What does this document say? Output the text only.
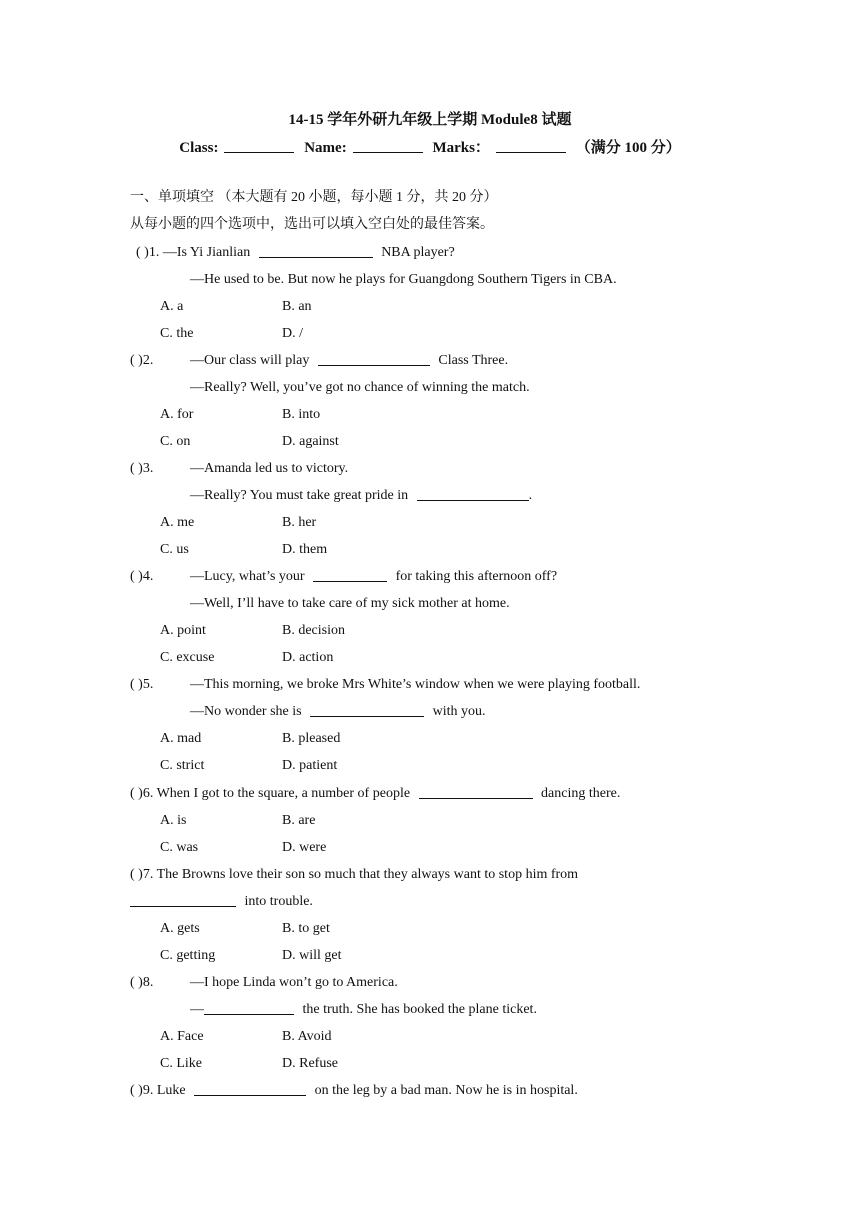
14-15 学年外研九年级上学期 Module8 试题
Class:	Name:	Marks：	（满分 100 分）
一、单项填空 （本大题有 20 小题，每小题 1 分，共 20 分）
从每小题的四个选项中，选出可以填入空白处的最佳答案。
( )1. —Is Yi Jianlian	NBA player?
—He used to be. But now he plays for Guangdong Southern Tigers in CBA.
A. a	B. an
C. the	D. /
( )2.	—Our class will play	Class Three.
—Really? Well, you’ve got no chance of winning the match.
A. for	B. into
C. on	D. against
( )3.	—Amanda led us to victory.
—Really? You must take great pride in	.
A. me	B. her
C. us	D. them
( )4.	—Lucy, what’s your	for taking this afternoon off?
—Well, I’ll have to take care of my sick mother at home.
A. point	B. decision
C. excuse	D. action
( )5.	—This morning, we broke Mrs White’s window when we were playing football.
—No wonder she is	with you.
A. mad	B. pleased
C. strict	D. patient
( )6. When I got to the square, a number of people	dancing there.
A. is	B. are
C. was	D. were
( )7. The Browns love their son so much that they always want to stop him from
into trouble.
A. gets	B. to get
C. getting	D. will get
( )8.	—I hope Linda won’t go to America.
—	the truth. She has booked the plane ticket.
A. Face	B. Avoid
C. Like	D. Refuse
( )9. Luke	on the leg by a bad man. Now he is in hospital.
